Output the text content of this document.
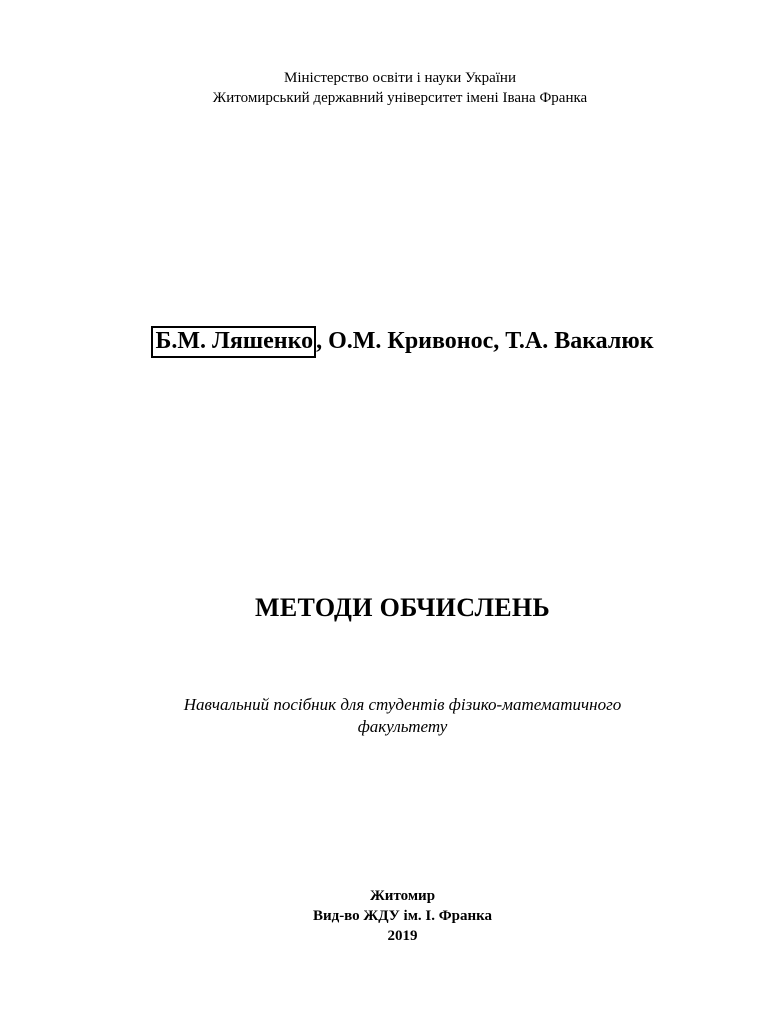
Міністерство освіти і науки України
Житомирський державний університет імені Івана Франка
Б.М. Ляшенко , О.М. Кривонос, Т.А. Вакалюк
МЕТОДИ ОБЧИСЛЕНЬ
Навчальний посібник для студентів фізико-математичного
факультету
Житомир
Вид-во ЖДУ ім. І. Франка
2019
